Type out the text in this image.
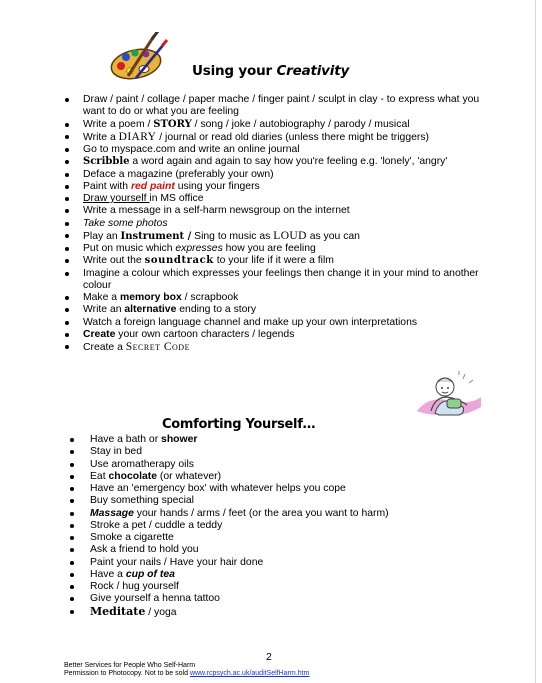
Using your Creativity
Draw / paint / collage / paper mache / finger paint / sculpt in clay - to express what you want to do or what you are feeling
Write a poem / STORY / song / joke / autobiography / parody / musical
Write a DIARY / journal or read old diaries (unless there might be triggers)
Go to myspace.com and write an online journal
Scribble a word again and again to say how you're feeling e.g. 'lonely', 'angry'
Deface a magazine (preferably your own)
Paint with red paint using your fingers
Draw yourself in MS office
Write a message in a self-harm newsgroup on the internet
Take some photos
Play an Instrument / Sing to music as LOUD as you can
Put on music which expresses how you are feeling
Write out the soundtrack to your life if it were a film
Imagine a colour which expresses your feelings then change it in your mind to another colour
Make a memory box / scrapbook
Write an alternative ending to a story
Watch a foreign language channel and make up your own interpretations
Create your own cartoon characters / legends
Create a Secret Code
Comforting Yourself…
Have a bath or shower
Stay in bed
Use aromatherapy oils
Eat chocolate (or whatever)
Have an 'emergency box' with whatever helps you cope
Buy something special
Massage your hands / arms / feet (or the area you want to harm)
Stroke a pet / cuddle a teddy
Smoke a cigarette
Ask a friend to hold you
Paint your nails / Have your hair done
Have a cup of tea
Rock / hug yourself
Give yourself a henna tattoo
Meditate / yoga
2
Better Services for People Who Self-Harm
Permission to Photocopy. Not to be sold www.rcpsych.ac.uk/auditSelfHarm.htm
